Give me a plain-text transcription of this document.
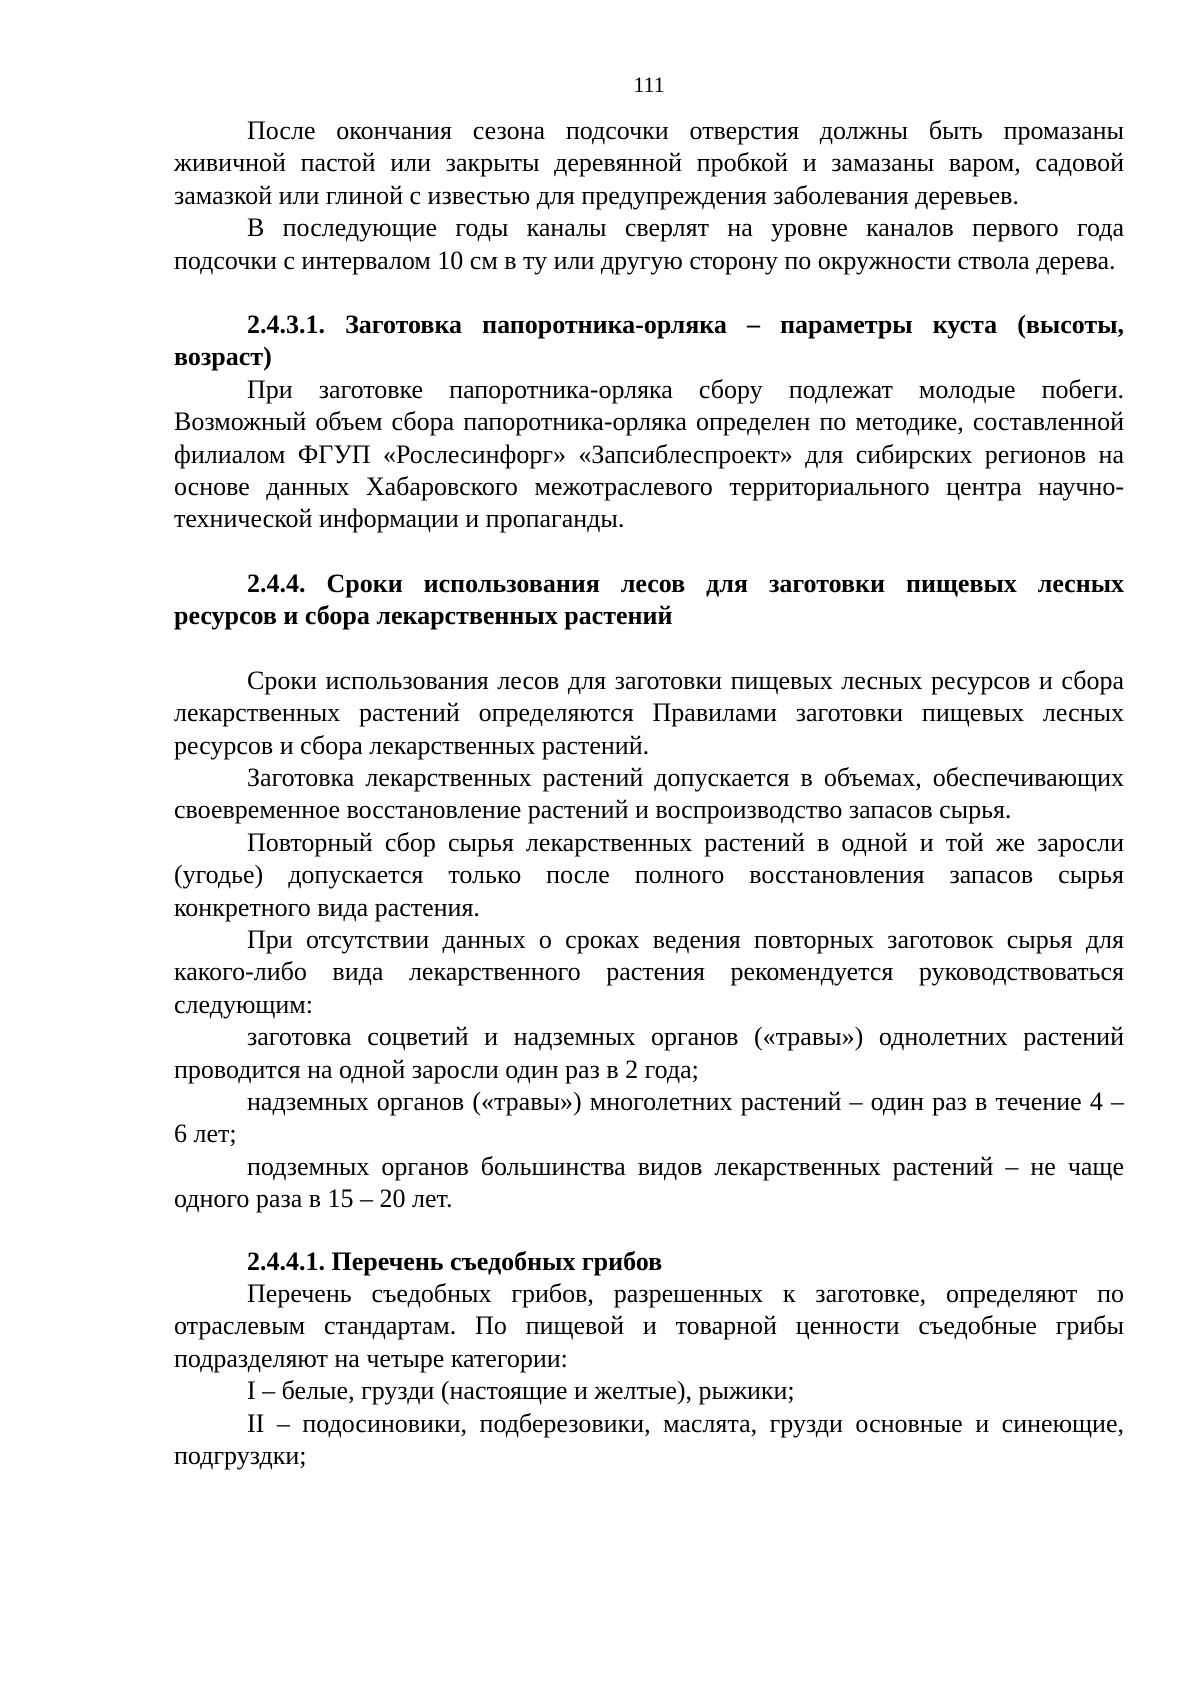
111

После окончания сезона подсочки отверстия должны быть промазаны живичной пастой или закрыты деревянной пробкой и замазаны варом, садовой замазкой или глиной с известью для предупреждения заболевания деревьев.

В последующие годы каналы сверлят на уровне каналов первого года подсочки с интервалом 10 см в ту или другую сторону по окружности ствола дерева.

2.4.3.1. Заготовка папоротника-орляка – параметры куста (высоты, возраст)

При заготовке папоротника-орляка сбору подлежат молодые побеги. Возможный объем сбора папоротника-орляка определен по методике, составленной филиалом ФГУП «Рослесинфорг» «Запсиблеспроект» для сибирских регионов на основе данных Хабаровского межотраслевого территориального центра научно-технической информации и пропаганды.

2.4.4. Сроки использования лесов для заготовки пищевых лесных ресурсов и сбора лекарственных растений

Сроки использования лесов для заготовки пищевых лесных ресурсов и сбора лекарственных растений определяются Правилами заготовки пищевых лесных ресурсов и сбора лекарственных растений.

Заготовка лекарственных растений допускается в объемах, обеспечивающих своевременное восстановление растений и воспроизводство запасов сырья.

Повторный сбор сырья лекарственных растений в одной и той же заросли (угодье) допускается только после полного восстановления запасов сырья конкретного вида растения.

При отсутствии данных о сроках ведения повторных заготовок сырья для какого-либо вида лекарственного растения рекомендуется руководствоваться следующим:

заготовка соцветий и надземных органов («травы») однолетних растений проводится на одной заросли один раз в 2 года;

надземных органов («травы») многолетних растений – один раз в течение 4 – 6 лет;

подземных органов большинства видов лекарственных растений – не чаще одного раза в 15 – 20 лет.

2.4.4.1. Перечень съедобных грибов

Перечень съедобных грибов, разрешенных к заготовке, определяют по отраслевым стандартам. По пищевой и товарной ценности съедобные грибы подразделяют на четыре категории:

I – белые, грузди (настоящие и желтые), рыжики;

II – подосиновики, подберезовики, маслята, грузди основные и синеющие, подгруздки;
